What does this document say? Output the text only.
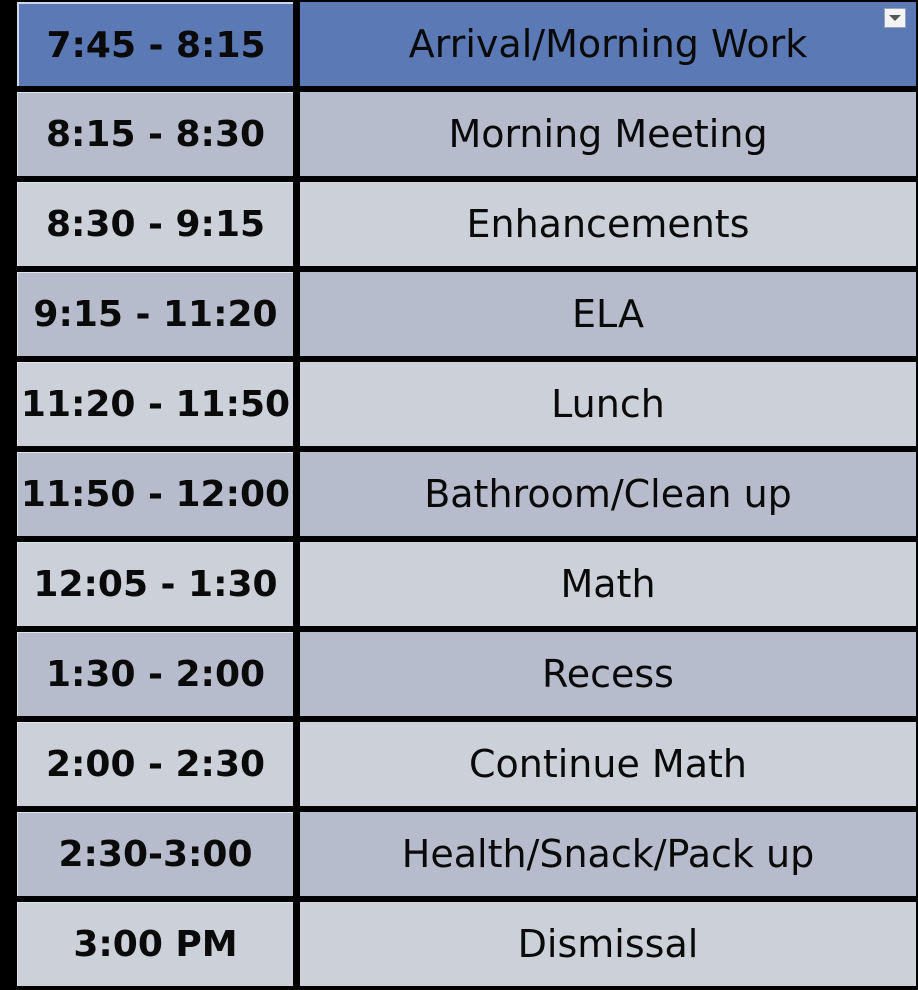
7:45 - 8:15	Arrival/Morning Work
8:15 - 8:30	Morning Meeting
8:30 - 9:15	Enhancements
9:15 - 11:20	ELA
11:20 - 11:50	Lunch
11:50 - 12:00	Bathroom/Clean up
12:05 - 1:30	Math
1:30 - 2:00	Recess
2:00 - 2:30	Continue Math
2:30-3:00	Health/Snack/Pack up
3:00 PM	Dismissal
